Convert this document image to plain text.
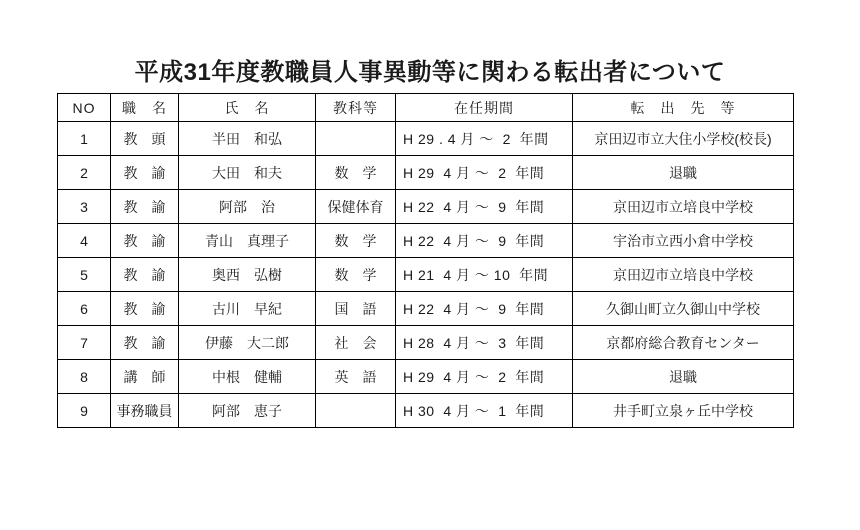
平成31年度教職員人事異動等に関わる転出者について
NO	職　名	氏　名	教科等	在任期間	転　出　先　等
1	教　頭	半田　和弘		H 29 . 4 月 ～  2  年間	京田辺市立大住小学校(校長)
2	教　諭	大田　和夫	数　学	H 29  4 月 ～  2  年間	退職
3	教　諭	阿部　治	保健体育	H 22  4 月 ～  9  年間	京田辺市立培良中学校
4	教　諭	青山　真理子	数　学	H 22  4 月 ～  9  年間	宇治市立西小倉中学校
5	教　諭	奥西　弘樹	数　学	H 21  4 月 ～ 10  年間	京田辺市立培良中学校
6	教　諭	古川　早紀	国　語	H 22  4 月 ～  9  年間	久御山町立久御山中学校
7	教　諭	伊藤　大二郎	社　会	H 28  4 月 ～  3  年間	京都府総合教育センター
8	講　師	中根　健輔	英　語	H 29  4 月 ～  2  年間	退職
9	事務職員	阿部　恵子		H 30  4 月 ～  1  年間	井手町立泉ヶ丘中学校
